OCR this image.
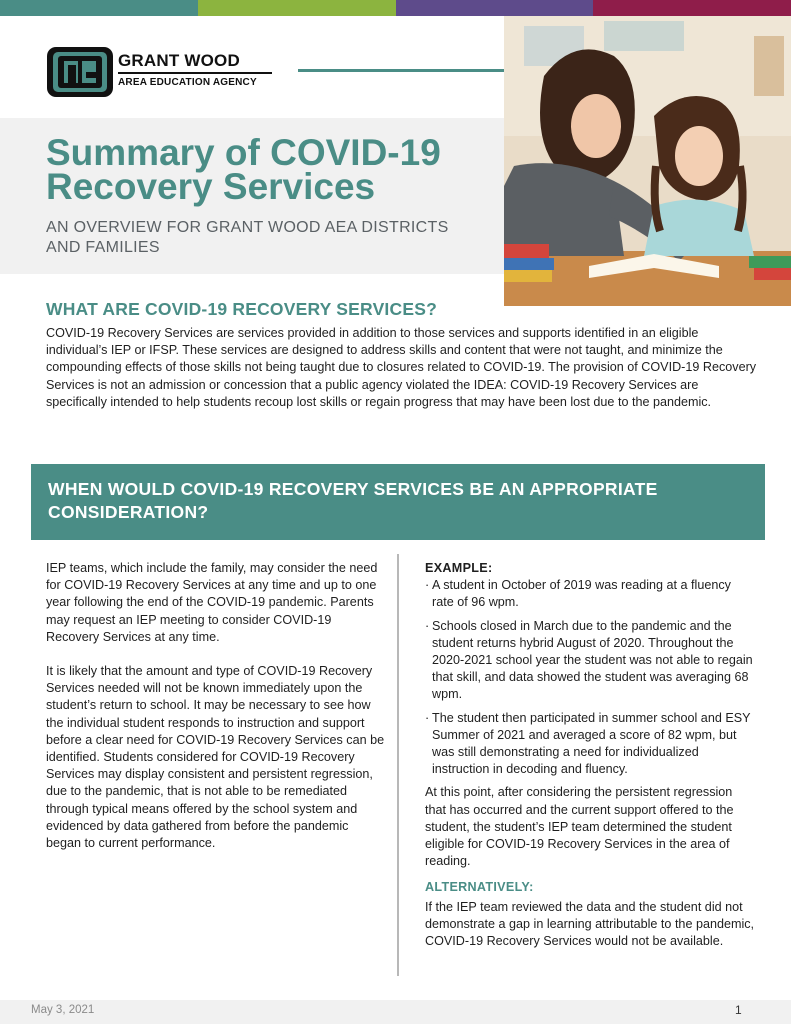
GRANT WOOD
AREA EDUCATION AGENCY
Summary of COVID-19 Recovery Services
AN OVERVIEW FOR GRANT WOOD AEA DISTRICTS AND FAMILIES
WHAT ARE COVID-19 RECOVERY SERVICES?

COVID-19 Recovery Services are services provided in addition to those services and supports identified in an eligible individual’s IEP or IFSP. These services are designed to address skills and content that were not taught, and minimize the compounding effects of those skills not being taught due to closures related to COVID-19. The provision of COVID-19 Recovery Services is not an admission or concession that a public agency violated the IDEA: COVID-19 Recovery Services are specifically intended to help students recoup lost skills or regain progress that may have been lost due to the pandemic.

WHEN WOULD COVID-19 RECOVERY SERVICES BE AN APPROPRIATE CONSIDERATION?

IEP teams, which include the family, may consider the need for COVID-19 Recovery Services at any time and up to one year following the end of the COVID-19 pandemic. Parents may request an IEP meeting to consider COVID-19 Recovery Services at any time.

It is likely that the amount and type of COVID-19 Recovery Services needed will not be known immediately upon the student’s return to school. It may be necessary to see how the individual student responds to instruction and support before a clear need for COVID-19 Recovery Services can be identified. Students considered for COVID-19 Recovery Services may display consistent and persistent regression, due to the pandemic, that is not able to be remediated through typical means offered by the school system and evidenced by data gathered from before the pandemic began to current performance.

EXAMPLE:
· A student in October of 2019 was reading at a fluency rate of 96 wpm.
· Schools closed in March due to the pandemic and the student returns hybrid August of 2020. Throughout the 2020-2021 school year the student was not able to regain that skill, and data showed the student was averaging 68 wpm.
· The student then participated in summer school and ESY Summer of 2021 and averaged a score of 82 wpm, but was still demonstrating a need for individualized instruction in decoding and fluency.

At this point, after considering the persistent regression that has occurred and the current support offered to the student, the student’s IEP team determined the student eligible for COVID-19 Recovery Services in the area of reading.

ALTERNATIVELY:

If the IEP team reviewed the data and the student did not demonstrate a gap in learning attributable to the pandemic, COVID-19 Recovery Services would not be available.

May 3, 2021	1
